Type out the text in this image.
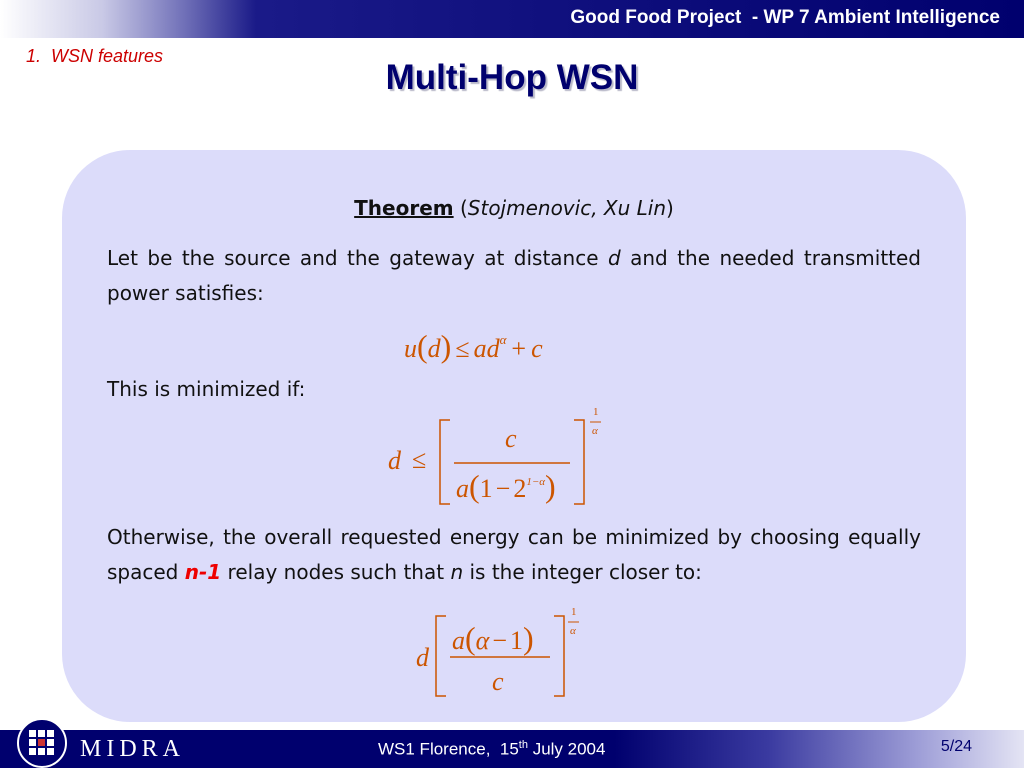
Good Food Project  - WP 7 Ambient Intelligence
1.  WSN features
Multi-Hop WSN
Theorem (Stojmenovic, Xu Lin)
Let be the source and the gateway at distance d and the needed transmitted power satisfies:
$u(d) \le ad^\alpha + c$
This is minimized if:
d ≤
c
$a(1 - 2^{1-\alpha})$
1
α
Otherwise, the overall requested energy can be minimized by choosing equally spaced n-1 relay nodes such that n is the integer closer to:
d
a(α − 1)
c
1
α
WS1 Florence,  15th July 2004	5/24
MIDRA
